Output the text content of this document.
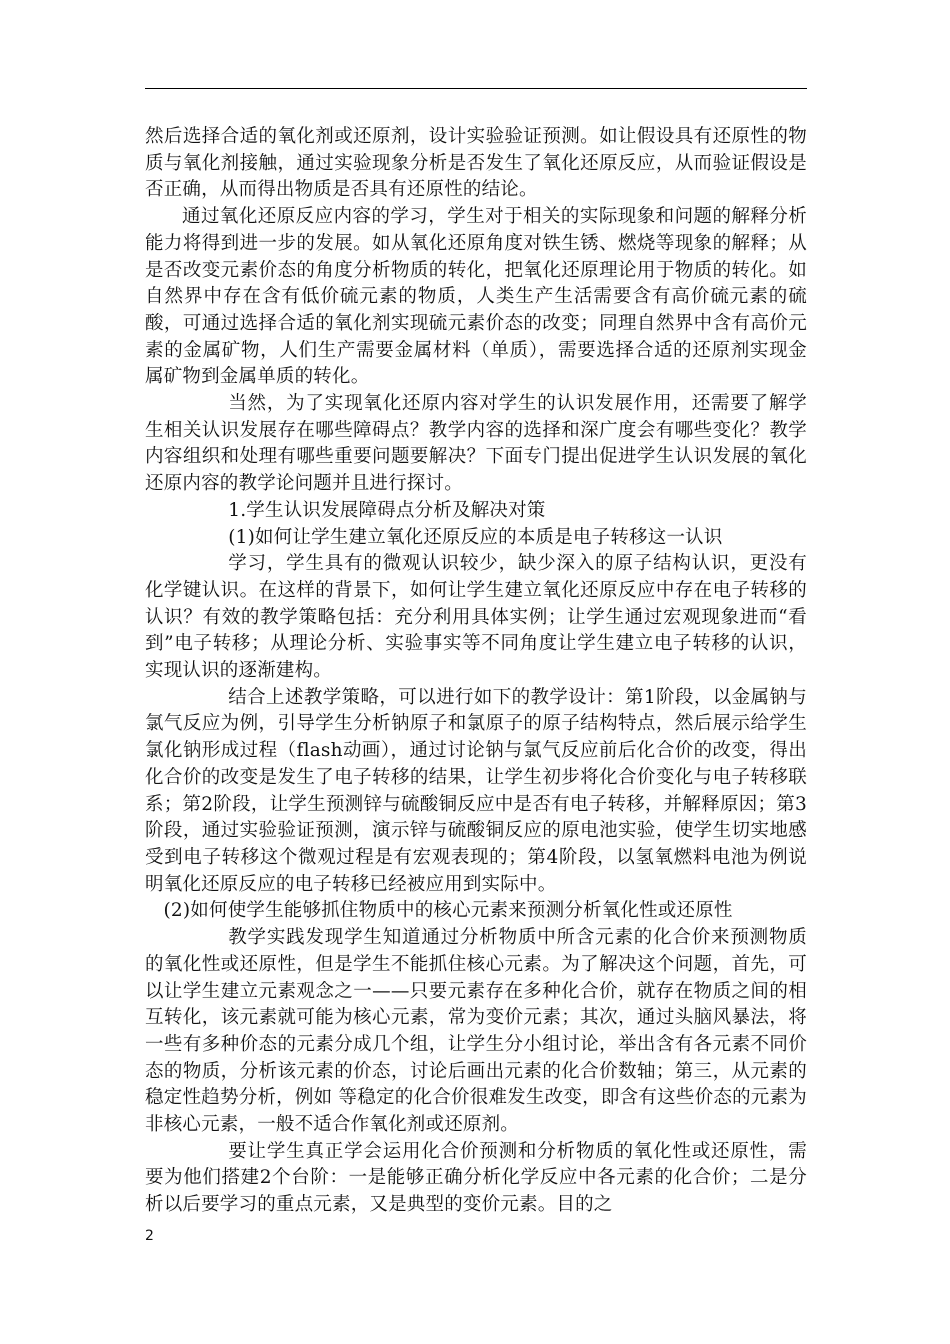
然后选择合适的氧化剂或还原剂，设计实验验证预测。如让假设具有还原性的物质与氧化剂接触，通过实验现象分析是否发生了氧化还原反应，从而验证假设是否正确，从而得出物质是否具有还原性的结论。

通过氧化还原反应内容的学习，学生对于相关的实际现象和问题的解释分析能力将得到进一步的发展。如从氧化还原角度对铁生锈、燃烧等现象的解释；从是否改变元素价态的角度分析物质的转化，把氧化还原理论用于物质的转化。如自然界中存在含有低价硫元素的物质，人类生产生活需要含有高价硫元素的硫酸，可通过选择合适的氧化剂实现硫元素价态的改变；同理自然界中含有高价元素的金属矿物，人们生产需要金属材料（单质），需要选择合适的还原剂实现金属矿物到金属单质的转化。

当然，为了实现氧化还原内容对学生的认识发展作用，还需要了解学生相关认识发展存在哪些障碍点？教学内容的选择和深广度会有哪些变化？教学内容组织和处理有哪些重要问题要解决？下面专门提出促进学生认识发展的氧化还原内容的教学论问题并且进行探讨。

1.学生认识发展障碍点分析及解决对策

(1)如何让学生建立氧化还原反应的本质是电子转移这一认识

学习，学生具有的微观认识较少，缺少深入的原子结构认识，更没有化学键认识。在这样的背景下，如何让学生建立氧化还原反应中存在电子转移的认识？有效的教学策略包括：充分利用具体实例；让学生通过宏观现象进而“看到”电子转移；从理论分析、实验事实等不同角度让学生建立电子转移的认识，实现认识的逐渐建构。

结合上述教学策略，可以进行如下的教学设计：第1阶段，以金属钠与氯气反应为例，引导学生分析钠原子和氯原子的原子结构特点，然后展示给学生氯化钠形成过程（flash动画），通过讨论钠与氯气反应前后化合价的改变，得出化合价的改变是发生了电子转移的结果，让学生初步将化合价变化与电子转移联系；第2阶段，让学生预测锌与硫酸铜反应中是否有电子转移，并解释原因；第3阶段，通过实验验证预测，演示锌与硫酸铜反应的原电池实验，使学生切实地感受到电子转移这个微观过程是有宏观表现的；第4阶段，以氢氧燃料电池为例说明氧化还原反应的电子转移已经被应用到实际中。

(2)如何使学生能够抓住物质中的核心元素来预测分析氧化性或还原性

教学实践发现学生知道通过分析物质中所含元素的化合价来预测物质的氧化性或还原性，但是学生不能抓住核心元素。为了解决这个问题，首先，可以让学生建立元素观念之一——只要元素存在多种化合价，就存在物质之间的相互转化，该元素就可能为核心元素，常为变价元素；其次，通过头脑风暴法，将一些有多种价态的元素分成几个组，让学生分小组讨论，举出含有各元素不同价态的物质，分析该元素的价态，讨论后画出元素的化合价数轴；第三，从元素的稳定性趋势分析，例如 等稳定的化合价很难发生改变，即含有这些价态的元素为非核心元素，一般不适合作氧化剂或还原剂。

要让学生真正学会运用化合价预测和分析物质的氧化性或还原性，需要为他们搭建2个台阶：一是能够正确分析化学反应中各元素的化合价；二是分析以后要学习的重点元素，又是典型的变价元素。目的之

2
